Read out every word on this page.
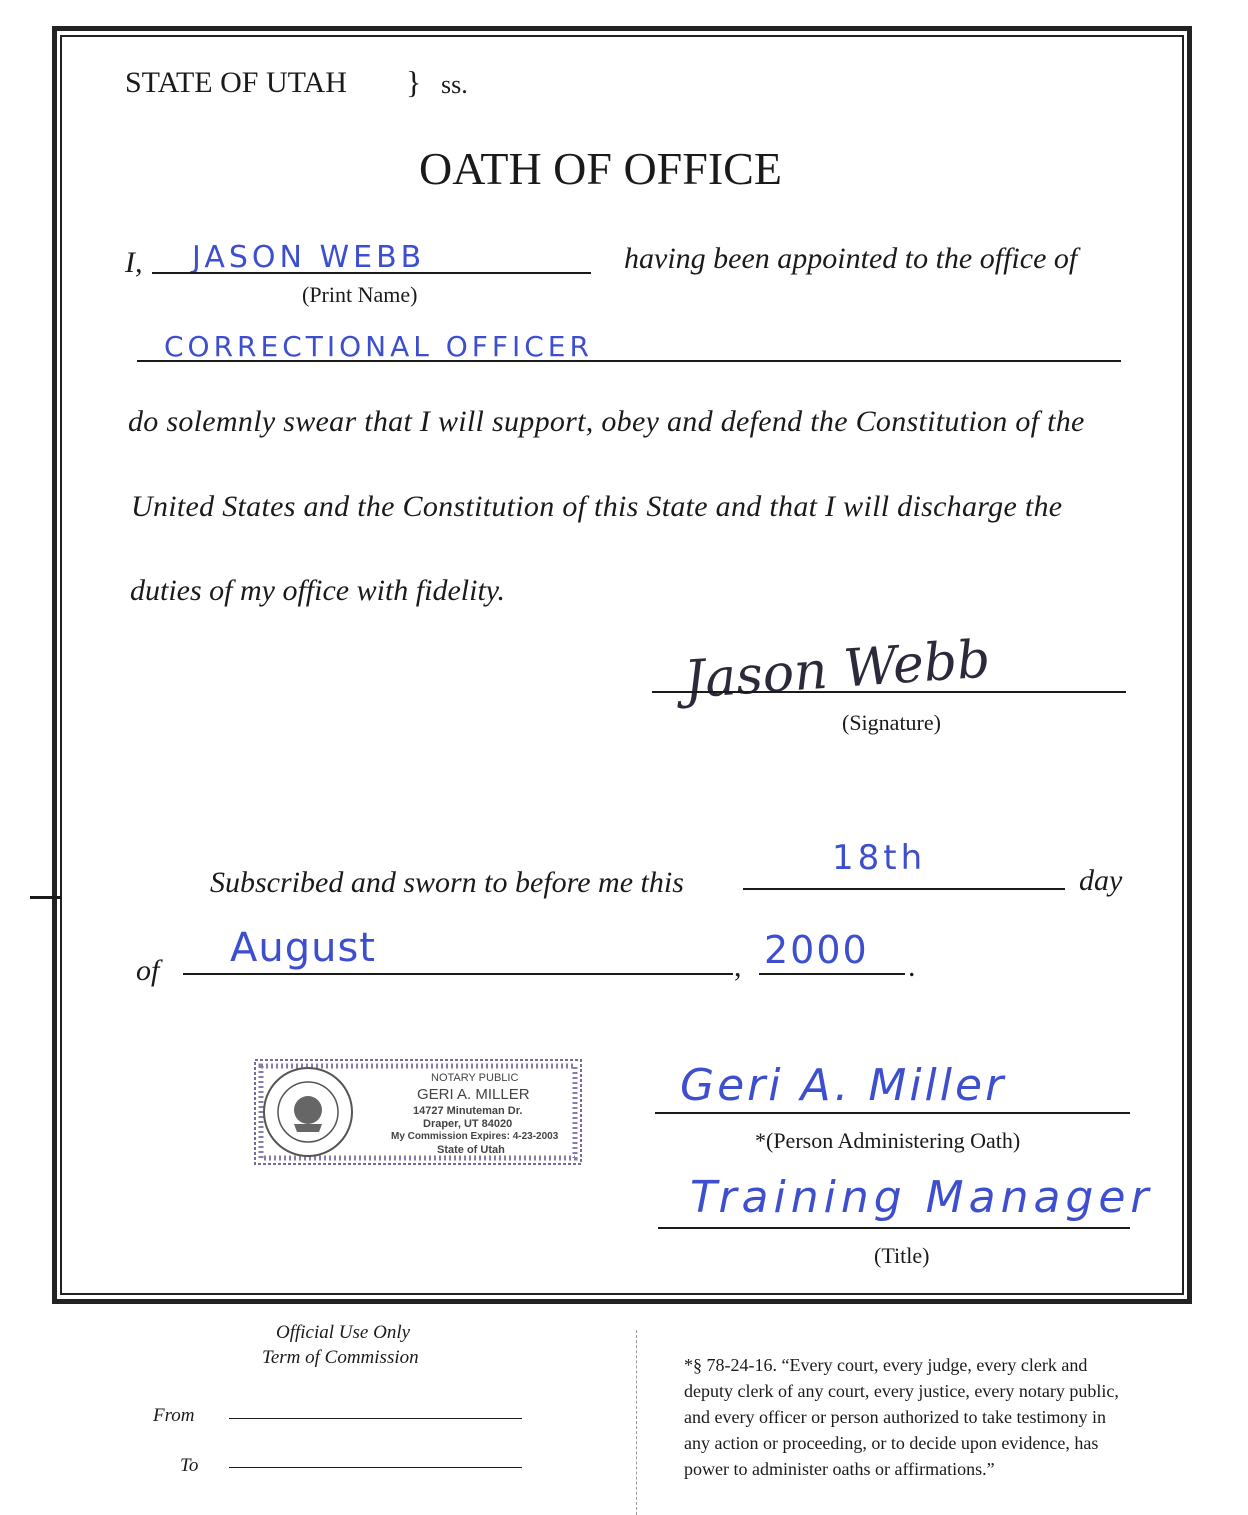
STATE OF UTAH } ss.
OATH OF OFFICE
I, JASON WEBB
(Print Name)
having been appointed to the office of
CORRECTIONAL OFFICER
do solemnly swear that I will support, obey and defend the Constitution of the
United States and the Constitution of this State and that I will discharge the
duties of my office with fidelity.
Jason Webb
(Signature)
Subscribed and sworn to before me this
18th
day
of August	, 2000 .
NOTARY PUBLIC
GERI A. MILLER
14727 Minuteman Dr.
Draper, UT 84020
My Commission Expires: 4-23-2003
State of Utah
Geri A. Miller
*(Person Administering Oath)
Training Manager
(Title)
Official Use Only
Term of Commission
From
To
*§ 78-24-16. “Every court, every judge, every clerk and
deputy clerk of any court, every justice, every notary public,
and every officer or person authorized to take testimony in
any action or proceeding, or to decide upon evidence, has
power to administer oaths or affirmations.”
